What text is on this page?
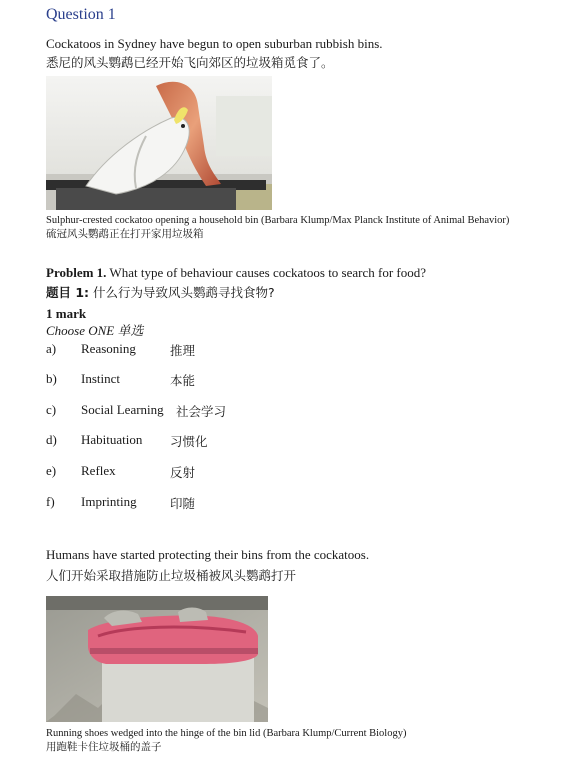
Question 1
Cockatoos in Sydney have begun to open suburban rubbish bins.
悉尼的风头鹦鹉已经开始飞向郊区的垃圾箱觅食了。
Sulphur-crested cockatoo opening a household bin (Barbara Klump/Max Planck Institute of Animal Behavior)
硫冠风头鹦鹉正在打开家用垃圾箱
Problem 1. What type of behaviour causes cockatoos to search for food?
题目 1: 什么行为导致风头鹦鹉寻找食物?
1 mark
Choose ONE 单选
a) Reasoning	推理
b) Instinct	本能
c) Social Learning 社会学习
d) Habituation 习惯化
e) Reflex	反射
f) Imprinting	印随
Humans have started protecting their bins from the cockatoos.
人们开始采取措施防止垃圾桶被风头鹦鹉打开
Running shoes wedged into the hinge of the bin lid (Barbara Klump/Current Biology)
用跑鞋卡住垃圾桶的盖子
